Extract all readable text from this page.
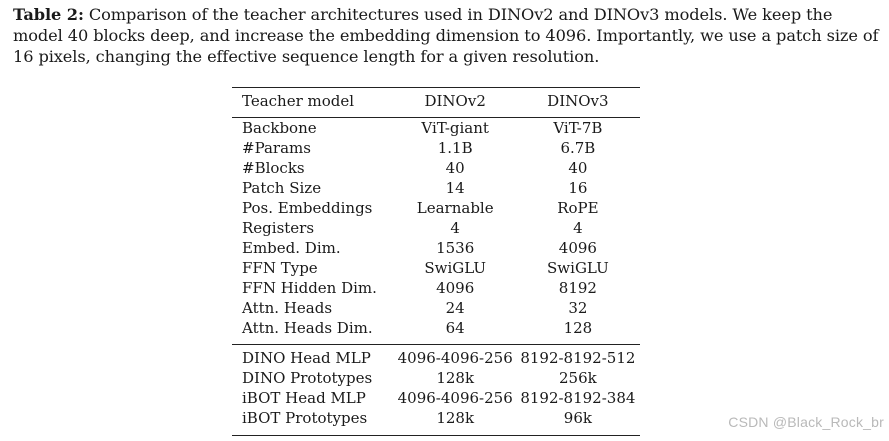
Table 2: Comparison of the teacher architectures used in DINOv2 and DINOv3 models. We keep the model 40 blocks deep, and increase the embedding dimension to 4096. Importantly, we use a patch size of 16 pixels, changing the effective sequence length for a given resolution.
Teacher model	DINOv2	DINOv3
Backbone	ViT-giant	ViT-7B
#Params	1.1B	6.7B
#Blocks	40	40
Patch Size	14	16
Pos. Embeddings	Learnable	RoPE
Registers	4	4
Embed. Dim.	1536	4096
FFN Type	SwiGLU	SwiGLU
FFN Hidden Dim.	4096	8192
Attn. Heads	24	32
Attn. Heads Dim.	64	128
DINO Head MLP	4096-4096-256	8192-8192-512
DINO Prototypes	128k	256k
iBOT Head MLP	4096-4096-256	8192-8192-384
iBOT Prototypes	128k	96k	CSDN @Black_Rock_br
